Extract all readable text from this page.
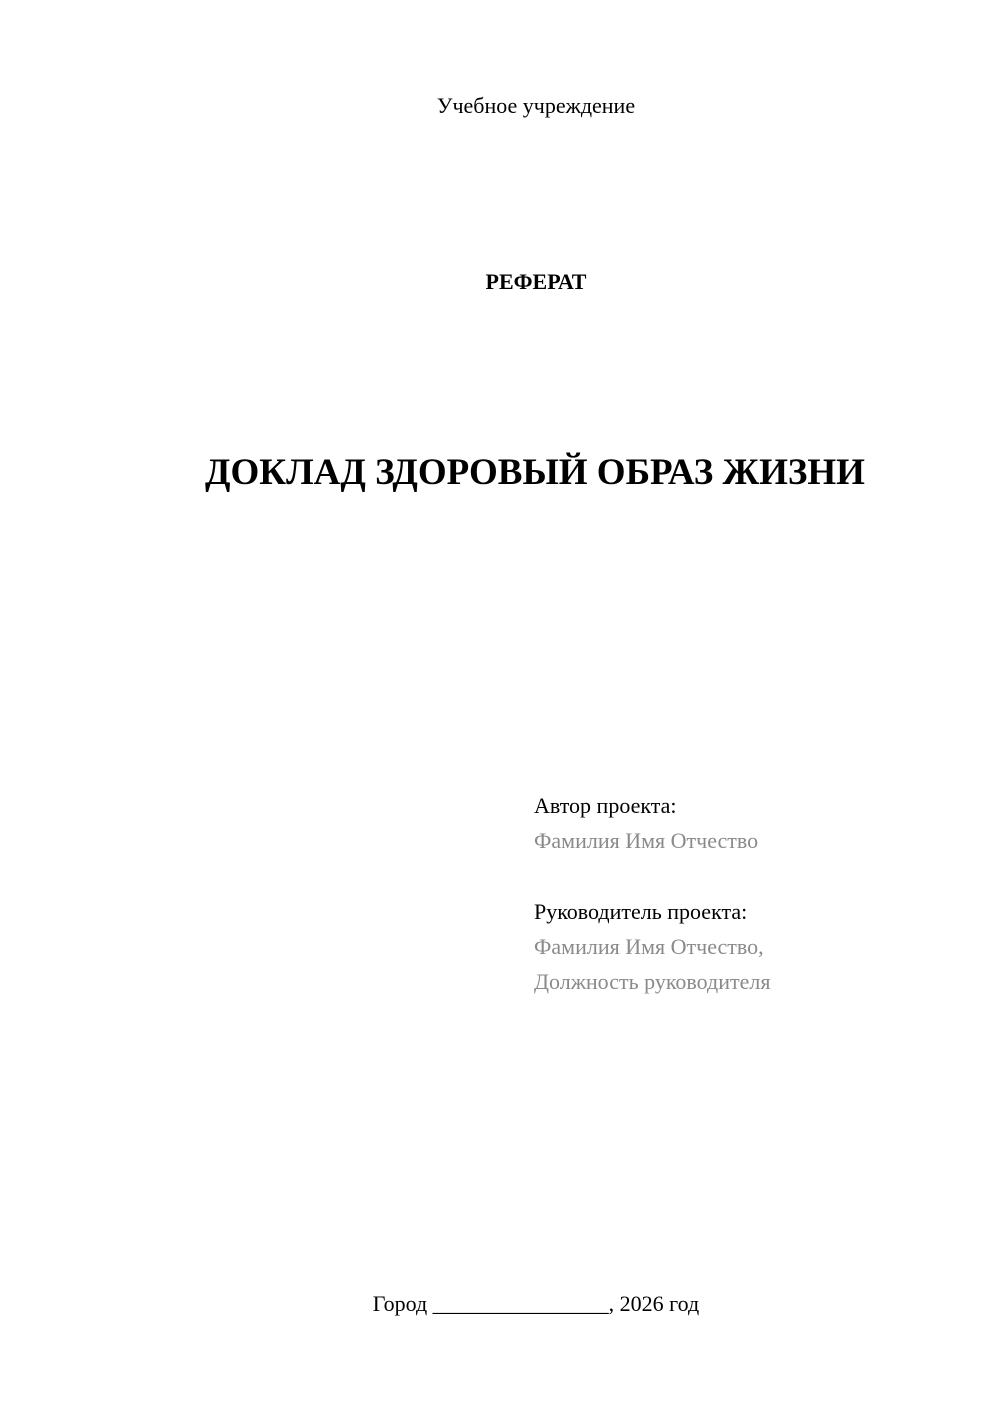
Учебное учреждение
РЕФЕРАТ
ДОКЛАД ЗДОРОВЫЙ ОБРАЗ ЖИЗНИ
Автор проекта:
Фамилия Имя Отчество
Руководитель проекта:
Фамилия Имя Отчество,
Должность руководителя
Город ________________, 2026 год
